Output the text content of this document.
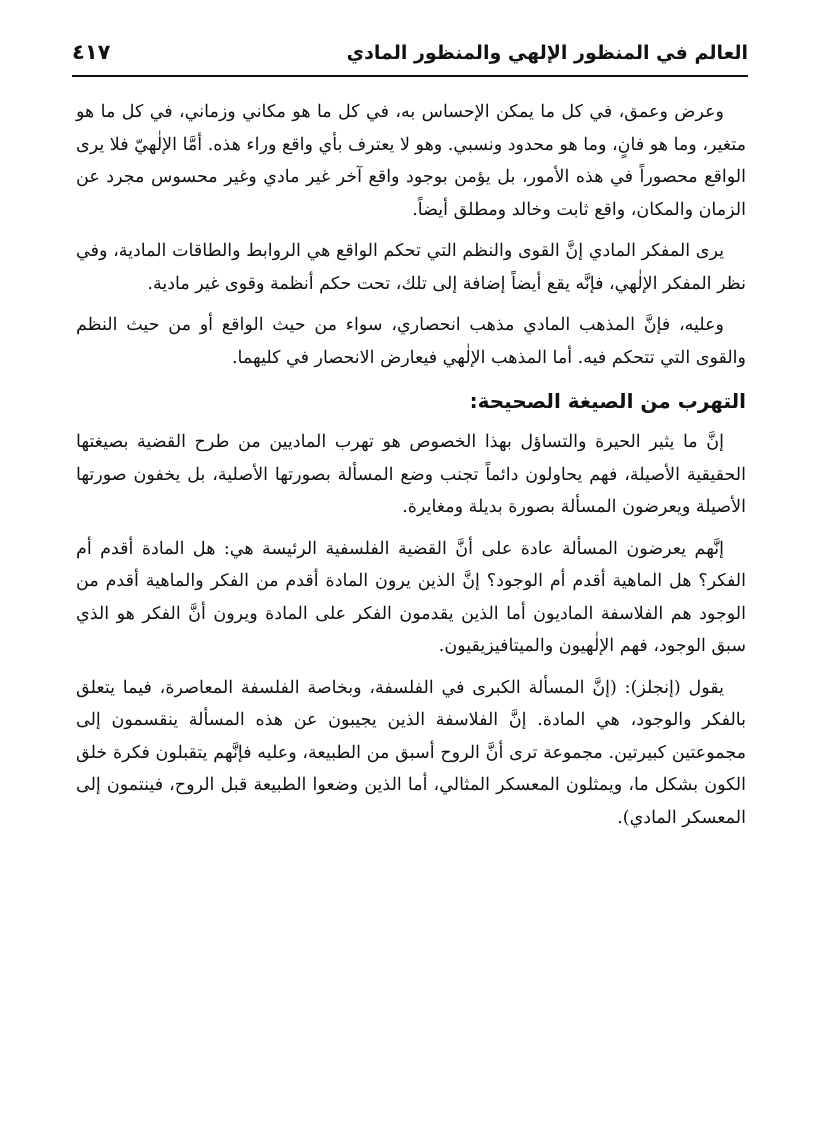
العالم في المنظور الإلهي والمنظور المادي
٤١٧

وعرض وعمق، في كل ما يمكن الإحساس به، في كل ما هو مكاني وزماني، في كل ما هو متغير، وما هو فانٍ، وما هو محدود ونسبي. وهو لا يعترف بأي واقع وراء هذه. أمَّا الإلٰهيّ فلا يرى الواقع محصوراً في هذه الأمور، بل يؤمن بوجود واقع آخر غير مادي وغير محسوس مجرد عن الزمان والمكان، واقع ثابت وخالد ومطلق أيضاً.

يرى المفكر المادي إنَّ القوى والنظم التي تحكم الواقع هي الروابط والطاقات المادية، وفي نظر المفكر الإلٰهي، فإنَّه يقع أيضاً إضافة إلى تلك، تحت حكم أنظمة وقوى غير مادية.

وعليه، فإنَّ المذهب المادي مذهب انحصاري، سواء من حيث الواقع أو من حيث النظم والقوى التي تتحكم فيه. أما المذهب الإلٰهي فيعارض الانحصار في كليهما.

التهرب من الصيغة الصحيحة:

إنَّ ما يثير الحيرة والتساؤل بهذا الخصوص هو تهرب الماديين من طرح القضية بصيغتها الحقيقية الأصيلة، فهم يحاولون دائماً تجنب وضع المسألة بصورتها الأصلية، بل يخفون صورتها الأصيلة ويعرضون المسألة بصورة بديلة ومغايرة.

إنَّهم يعرضون المسألة عادة على أنَّ القضية الفلسفية الرئيسة هي: هل المادة أقدم أم الفكر؟ هل الماهية أقدم أم الوجود؟ إنَّ الذين يرون المادة أقدم من الفكر والماهية أقدم من الوجود هم الفلاسفة الماديون أما الذين يقدمون الفكر على المادة ويرون أنَّ الفكر هو الذي سبق الوجود، فهم الإلٰهيون والميتافيزيقيون.

يقول (إنجلز): (إنَّ المسألة الكبرى في الفلسفة، وبخاصة الفلسفة المعاصرة، فيما يتعلق بالفكر والوجود، هي المادة. إنَّ الفلاسفة الذين يجيبون عن هذه المسألة ينقسمون إلى مجموعتين كبيرتين. مجموعة ترى أنَّ الروح أسبق من الطبيعة، وعليه فإنَّهم يتقبلون فكرة خلق الكون بشكل ما، ويمثلون المعسكر المثالي، أما الذين وضعوا الطبيعة قبل الروح، فينتمون إلى المعسكر المادي).
